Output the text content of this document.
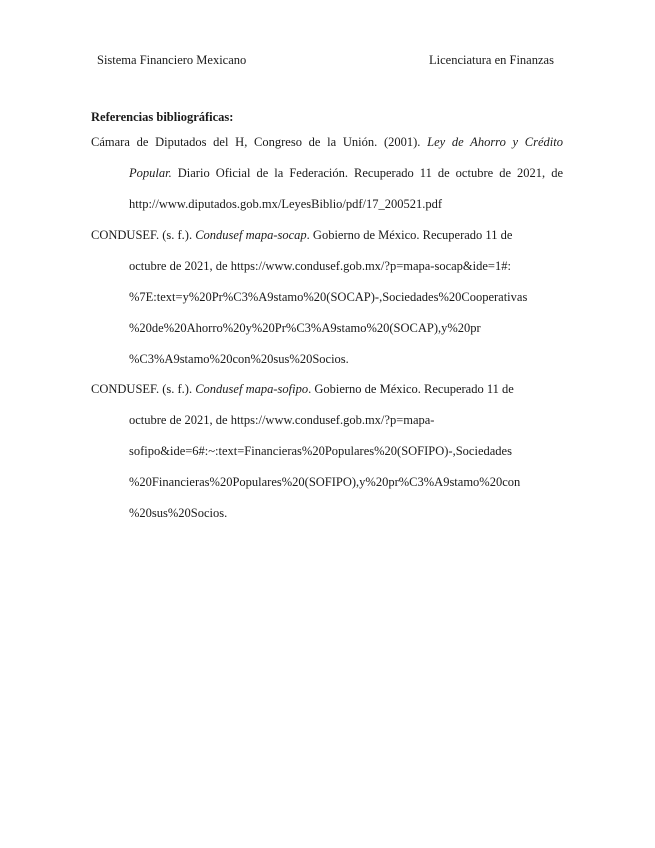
Sistema Financiero Mexicano	Licenciatura en Finanzas
Referencias bibliográficas:
Cámara de Diputados del H, Congreso de la Unión. (2001). Ley de Ahorro y Crédito
Popular. Diario Oficial de la Federación. Recuperado 11 de octubre de 2021, de
http://www.diputados.gob.mx/LeyesBiblio/pdf/17_200521.pdf
CONDUSEF. (s. f.). Condusef mapa-socap. Gobierno de México. Recuperado 11 de
octubre de 2021, de https://www.condusef.gob.mx/?p=mapa-socap&ide=1#:
%7E:text=y%20Pr%C3%A9stamo%20(SOCAP)-,Sociedades%20Cooperativas
%20de%20Ahorro%20y%20Pr%C3%A9stamo%20(SOCAP),y%20pr
%C3%A9stamo%20con%20sus%20Socios.
CONDUSEF. (s. f.). Condusef mapa-sofipo. Gobierno de México. Recuperado 11 de
octubre de 2021, de https://www.condusef.gob.mx/?p=mapa-
sofipo&ide=6#:~:text=Financieras%20Populares%20(SOFIPO)-,Sociedades
%20Financieras%20Populares%20(SOFIPO),y%20pr%C3%A9stamo%20con
%20sus%20Socios.
